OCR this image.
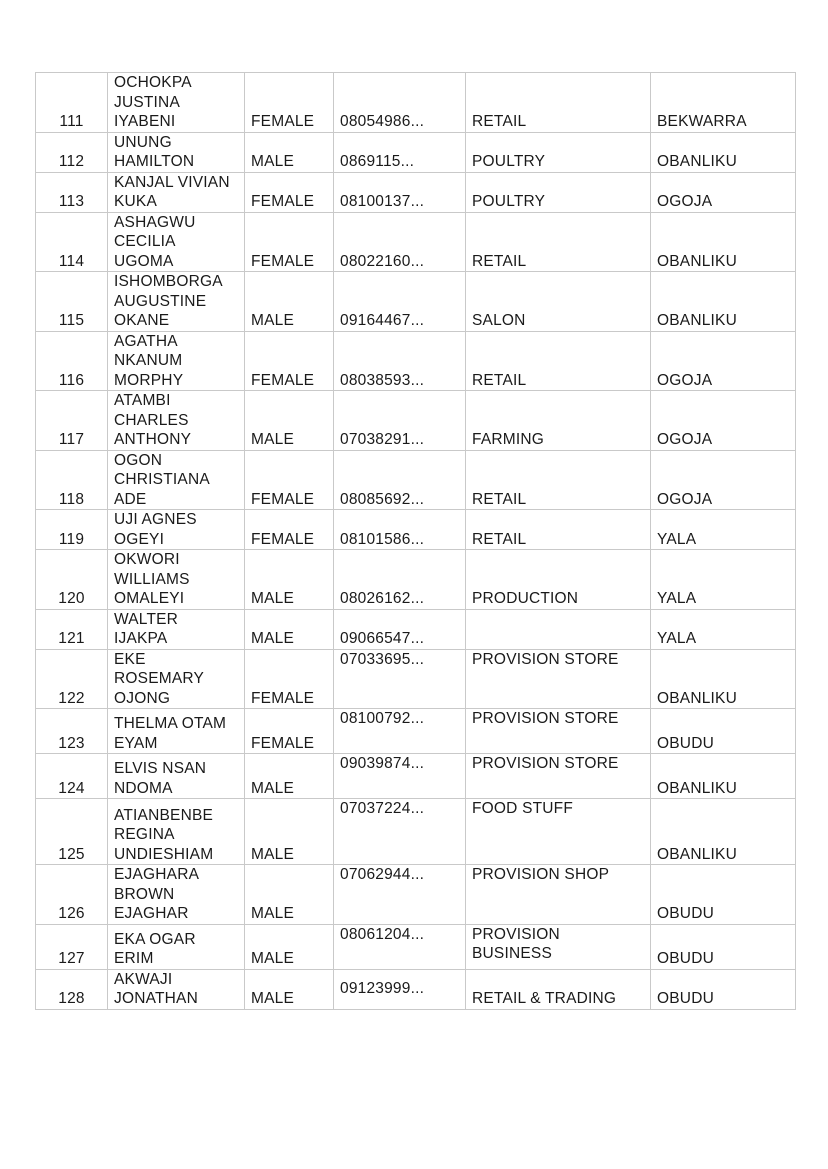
111	OCHOKPA
JUSTINA
IYABENI	FEMALE	08054986...	RETAIL	BEKWARRA
112	UNUNG
HAMILTON	MALE	0869115...	POULTRY	OBANLIKU
113	KANJAL VIVIAN
KUKA	FEMALE	08100137...	POULTRY	OGOJA
114	ASHAGWU
CECILIA
UGOMA	FEMALE	08022160...	RETAIL	OBANLIKU
115	ISHOMBORGA
AUGUSTINE
OKANE	MALE	09164467...	SALON	OBANLIKU
116	AGATHA
NKANUM
MORPHY	FEMALE	08038593...	RETAIL	OGOJA
117	ATAMBI
CHARLES
ANTHONY	MALE	07038291...	FARMING	OGOJA
118	OGON
CHRISTIANA
ADE	FEMALE	08085692...	RETAIL	OGOJA
119	UJI AGNES
OGEYI	FEMALE	08101586...	RETAIL	YALA
120	OKWORI
WILLIAMS
OMALEYI	MALE	08026162...	PRODUCTION	YALA
121	WALTER
IJAKPA	MALE	09066547...		YALA
122	EKE
ROSEMARY
OJONG	FEMALE	07033695...	PROVISION STORE	OBANLIKU
123	THELMA OTAM
EYAM	FEMALE	08100792...	PROVISION STORE	OBUDU
124	ELVIS NSAN
NDOMA	MALE	09039874...	PROVISION STORE	OBANLIKU
125	ATIANBENBE
REGINA
UNDIESHIAM	MALE	07037224...	FOOD STUFF	OBANLIKU
126	EJAGHARA
BROWN
EJAGHAR	MALE	07062944...	PROVISION SHOP	OBUDU
127	EKA OGAR
ERIM	MALE	08061204...	PROVISION
BUSINESS	OBUDU
128	AKWAJI
JONATHAN	MALE	09123999...	RETAIL & TRADING	OBUDU
